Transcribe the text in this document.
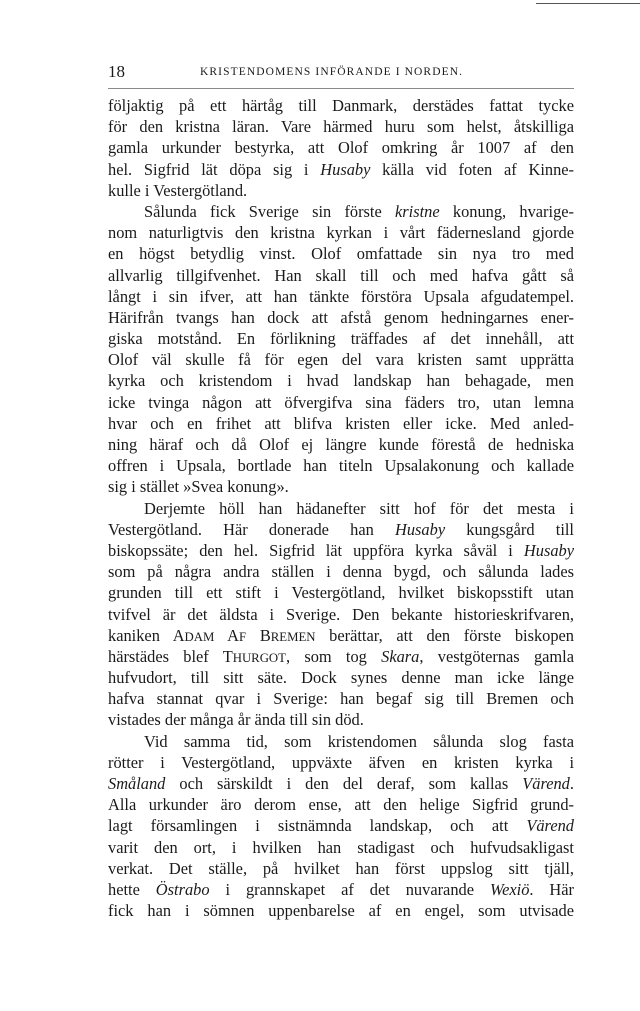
18	KRISTENDOMENS INFÖRANDE I NORDEN.
följaktig på ett härtåg till Danmark, derstädes fattat tycke
för den kristna läran. Vare härmed huru som helst, åtskilliga
gamla urkunder bestyrka, att Olof omkring år 1007 af den
hel. Sigfrid lät döpa sig i Husaby källa vid foten af Kinne-
kulle i Vestergötland.
Sålunda fick Sverige sin förste kristne konung, hvarige-
nom naturligtvis den kristna kyrkan i vårt fädernesland gjorde
en högst betydlig vinst. Olof omfattade sin nya tro med
allvarlig tillgifvenhet. Han skall till och med hafva gått så
långt i sin ifver, att han tänkte förstöra Upsala afgudatempel.
Härifrån tvangs han dock att afstå genom hedningarnes ener-
giska motstånd. En förlikning träffades af det innehåll, att
Olof väl skulle få för egen del vara kristen samt upprätta
kyrka och kristendom i hvad landskap han behagade, men
icke tvinga någon att öfvergifva sina fäders tro, utan lemna
hvar och en frihet att blifva kristen eller icke. Med anled-
ning häraf och då Olof ej längre kunde förestå de hedniska
offren i Upsala, bortlade han titeln Upsalakonung och kallade
sig i stället »Svea konung».
Derjemte höll han hädanefter sitt hof för det mesta i
Vestergötland. Här donerade han Husaby kungsgård till
biskopssäte; den hel. Sigfrid lät uppföra kyrka såväl i Husaby
som på några andra ställen i denna bygd, och sålunda lades
grunden till ett stift i Vestergötland, hvilket biskopsstift utan
tvifvel är det äldsta i Sverige. Den bekante historieskrifvaren,
kaniken ADAM AF BREMEN berättar, att den förste biskopen
härstädes blef THURGOT, som tog Skara, vestgöternas gamla
hufvudort, till sitt säte. Dock synes denne man icke länge
hafva stannat qvar i Sverige: han begaf sig till Bremen och
vistades der många år ända till sin död.
Vid samma tid, som kristendomen sålunda slog fasta
rötter i Vestergötland, uppväxte äfven en kristen kyrka i
Småland och särskildt i den del deraf, som kallas Värend.
Alla urkunder äro derom ense, att den helige Sigfrid grund-
lagt församlingen i sistnämnda landskap, och att Värend
varit den ort, i hvilken han stadigast och hufvudsakligast
verkat. Det ställe, på hvilket han först uppslog sitt tjäll,
hette Östrabo i grannskapet af det nuvarande Wexiö. Här
fick han i sömnen uppenbarelse af en engel, som utvisade
